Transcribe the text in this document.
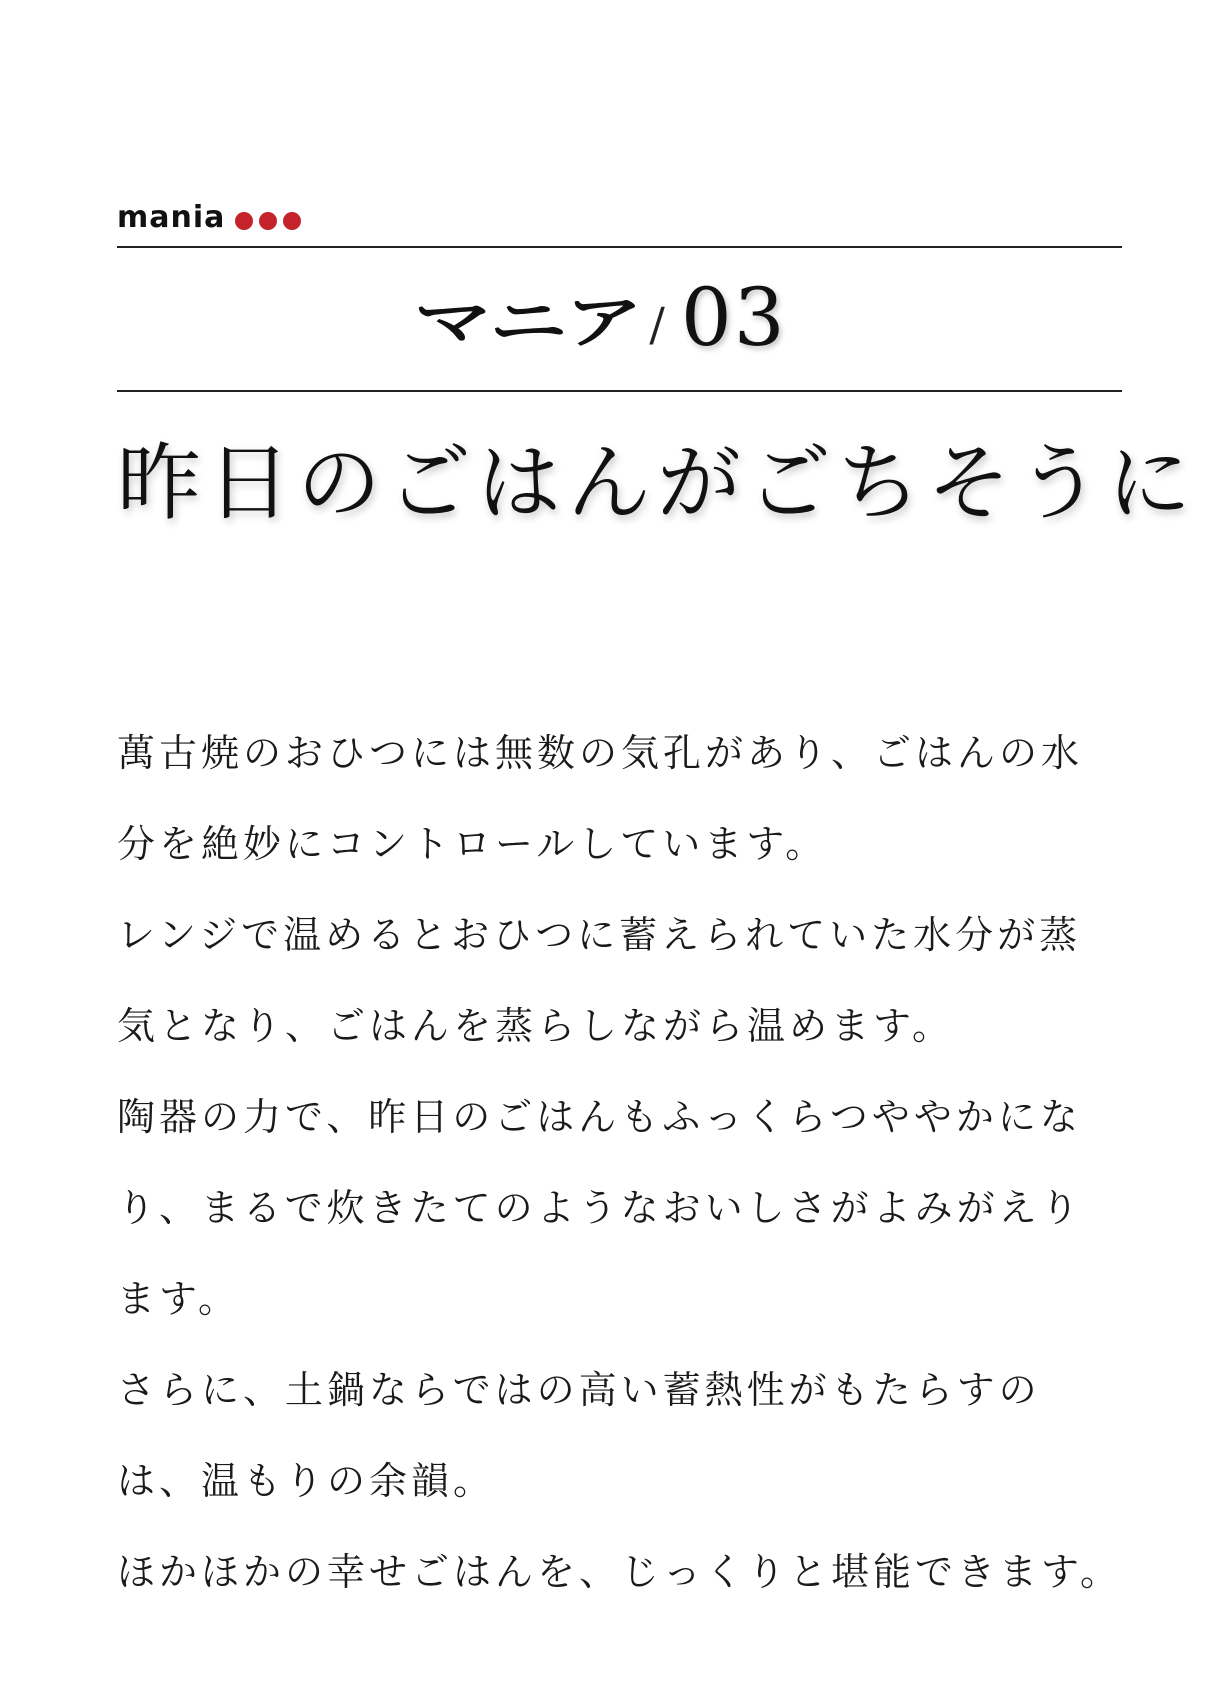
mania
マニア / 03
昨日のごはんがごちそうに

萬古焼のおひつには無数の気孔があり、ごはんの水分を絶妙にコントロールしています。

レンジで温めるとおひつに蓄えられていた水分が蒸気となり、ごはんを蒸らしながら温めます。

陶器の力で、昨日のごはんもふっくらつややかになり、まるで炊きたてのようなおいしさがよみがえります。

さらに、土鍋ならではの高い蓄熱性がもたらすのは、温もりの余韻。

ほかほかの幸せごはんを、じっくりと堪能できます。
